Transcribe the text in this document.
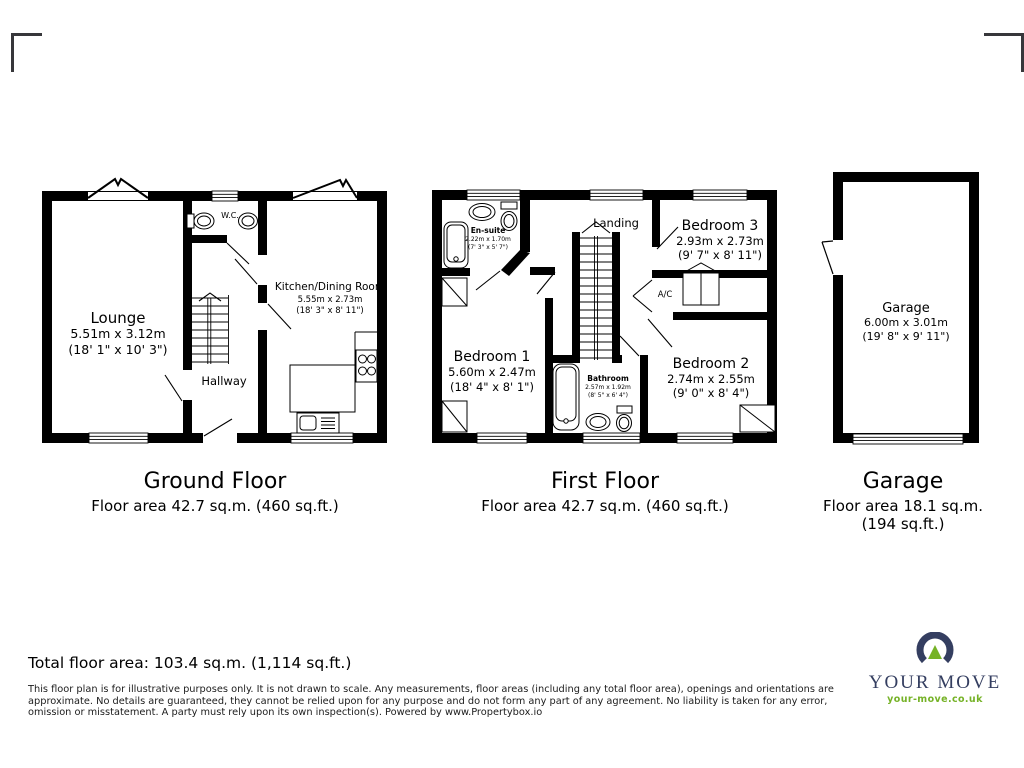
Lounge
5.51m x 3.12m
(18' 1" x 10' 3")
W.C.
Kitchen/Dining Room
5.55m x 2.73m
(18' 3" x 8' 11")
Hallway
Landing	Bedroom 3
2.93m x 2.73m
(9' 7" x 8' 11")
En-suite
2.22m x 1.70m
(7' 3" x 5' 7")
Bedroom 1
5.60m x 2.47m
(18' 4" x 8' 1")
A/C
Bathroom
2.57m x 1.92m
(8' 5" x 6' 4")
Bedroom 2
2.74m x 2.55m
(9' 0" x 8' 4")
Garage
6.00m x 3.01m
(19' 8" x 9' 11")
Ground Floor
Floor area 42.7 sq.m. (460 sq.ft.)
First Floor
Floor area 42.7 sq.m. (460 sq.ft.)
Garage
Floor area 18.1 sq.m.
(194 sq.ft.)
Total floor area: 103.4 sq.m. (1,114 sq.ft.)
This floor plan is for illustrative purposes only. It is not drawn to scale. Any measurements, floor areas (including any total floor area), openings and orientations are approximate. No details are guaranteed, they cannot be relied upon for any purpose and do not form any part of any agreement. No liability is taken for any error, omission or misstatement. A party must rely upon its own inspection(s). Powered by www.Propertybox.io
YOUR MOVE
your-move.co.uk
